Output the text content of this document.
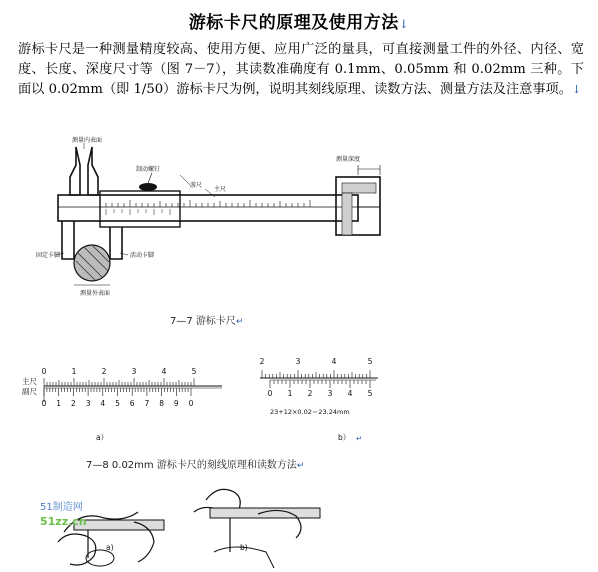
游标卡尺的原理及使用方法↓
游标卡尺是一种测量精度较高、使用方便、应用广泛的量具，可直接测量工件的外径、内径、宽度、长度、深度尺寸等（图 7－7），其读数准确度有 0.1mm、0.05mm 和 0.02mm 三种。下面以 0.02mm（即 1/50）游标卡尺为例，说明其刻线原理、读数方法、测量方法及注意事项。↓
测量内表面
制动螺钉
游尺
主尺
测量深度
固定卡脚	活动卡脚
测量外表面
7—7 游标卡尺↵
0	1	2	3	4	5
0 1 2 3 4 5 6 7 8 9 0
主尺
副尺
a）
2	3	4	5
0 1 2 3 4 5
23+12×0.02＝23.24mm
b） ↵
7—8 0.02mm 游标卡尺的刻线原理和读数方法↵
a)	b)
51制造网
51zz.cn
